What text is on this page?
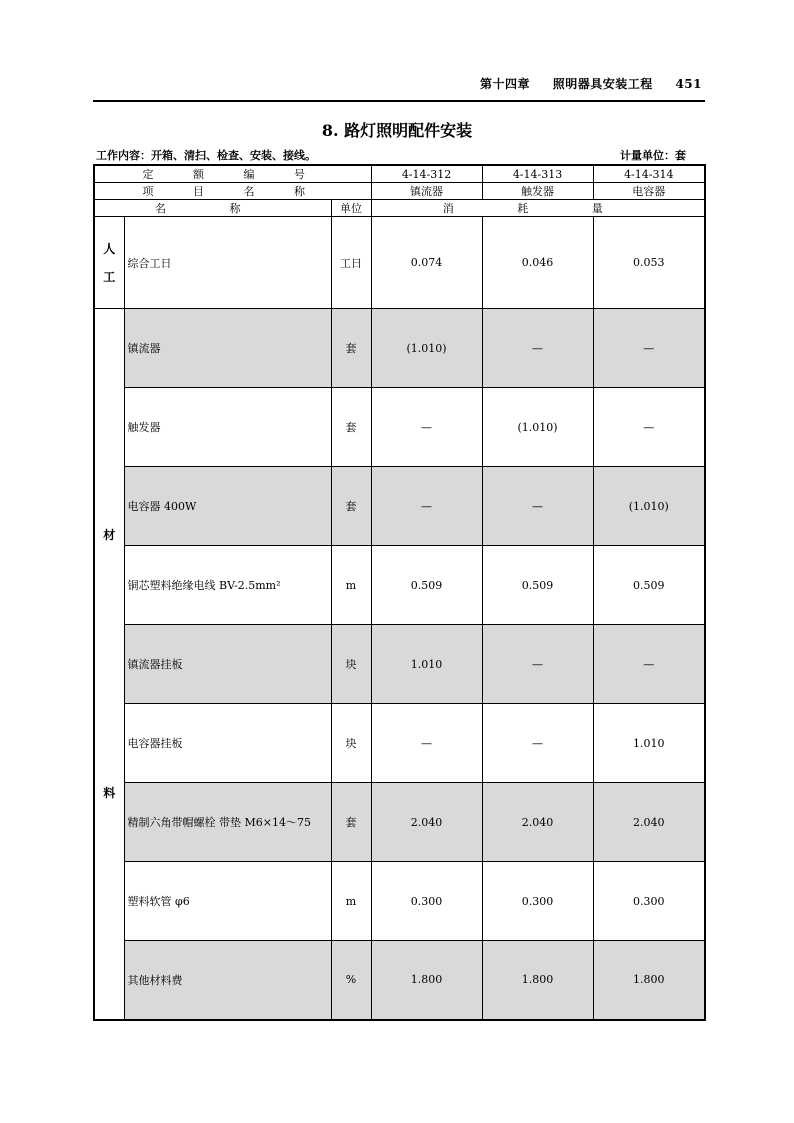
第十四章 照明器具安装工程 451
8. 路灯照明配件安装
工作内容：开箱、清扫、检查、安装、接线。	计量单位：套
定 额 编 号			4-14-312	4-14-313	4-14-314
项 目 名 称			镇流器	触发器	电容器
名 称		单位	消 耗 量		

人
工	综合工日	工日	0.074	0.046	0.053

材
料	镇流器	套	(1.010)	—	—
	触发器	套	—	(1.010)	—
	电容器 400W	套	—	—	(1.010)
	铜芯塑料绝缘电线 BV-2.5mm²	m	0.509	0.509	0.509
	镇流器挂板	块	1.010	—	—
	电容器挂板	块	—	—	1.010
	精制六角带帽螺栓 带垫 M6×14～75	套	2.040	2.040	2.040
	塑料软管 φ6	m	0.300	0.300	0.300
	其他材料费	%	1.800	1.800	1.800
